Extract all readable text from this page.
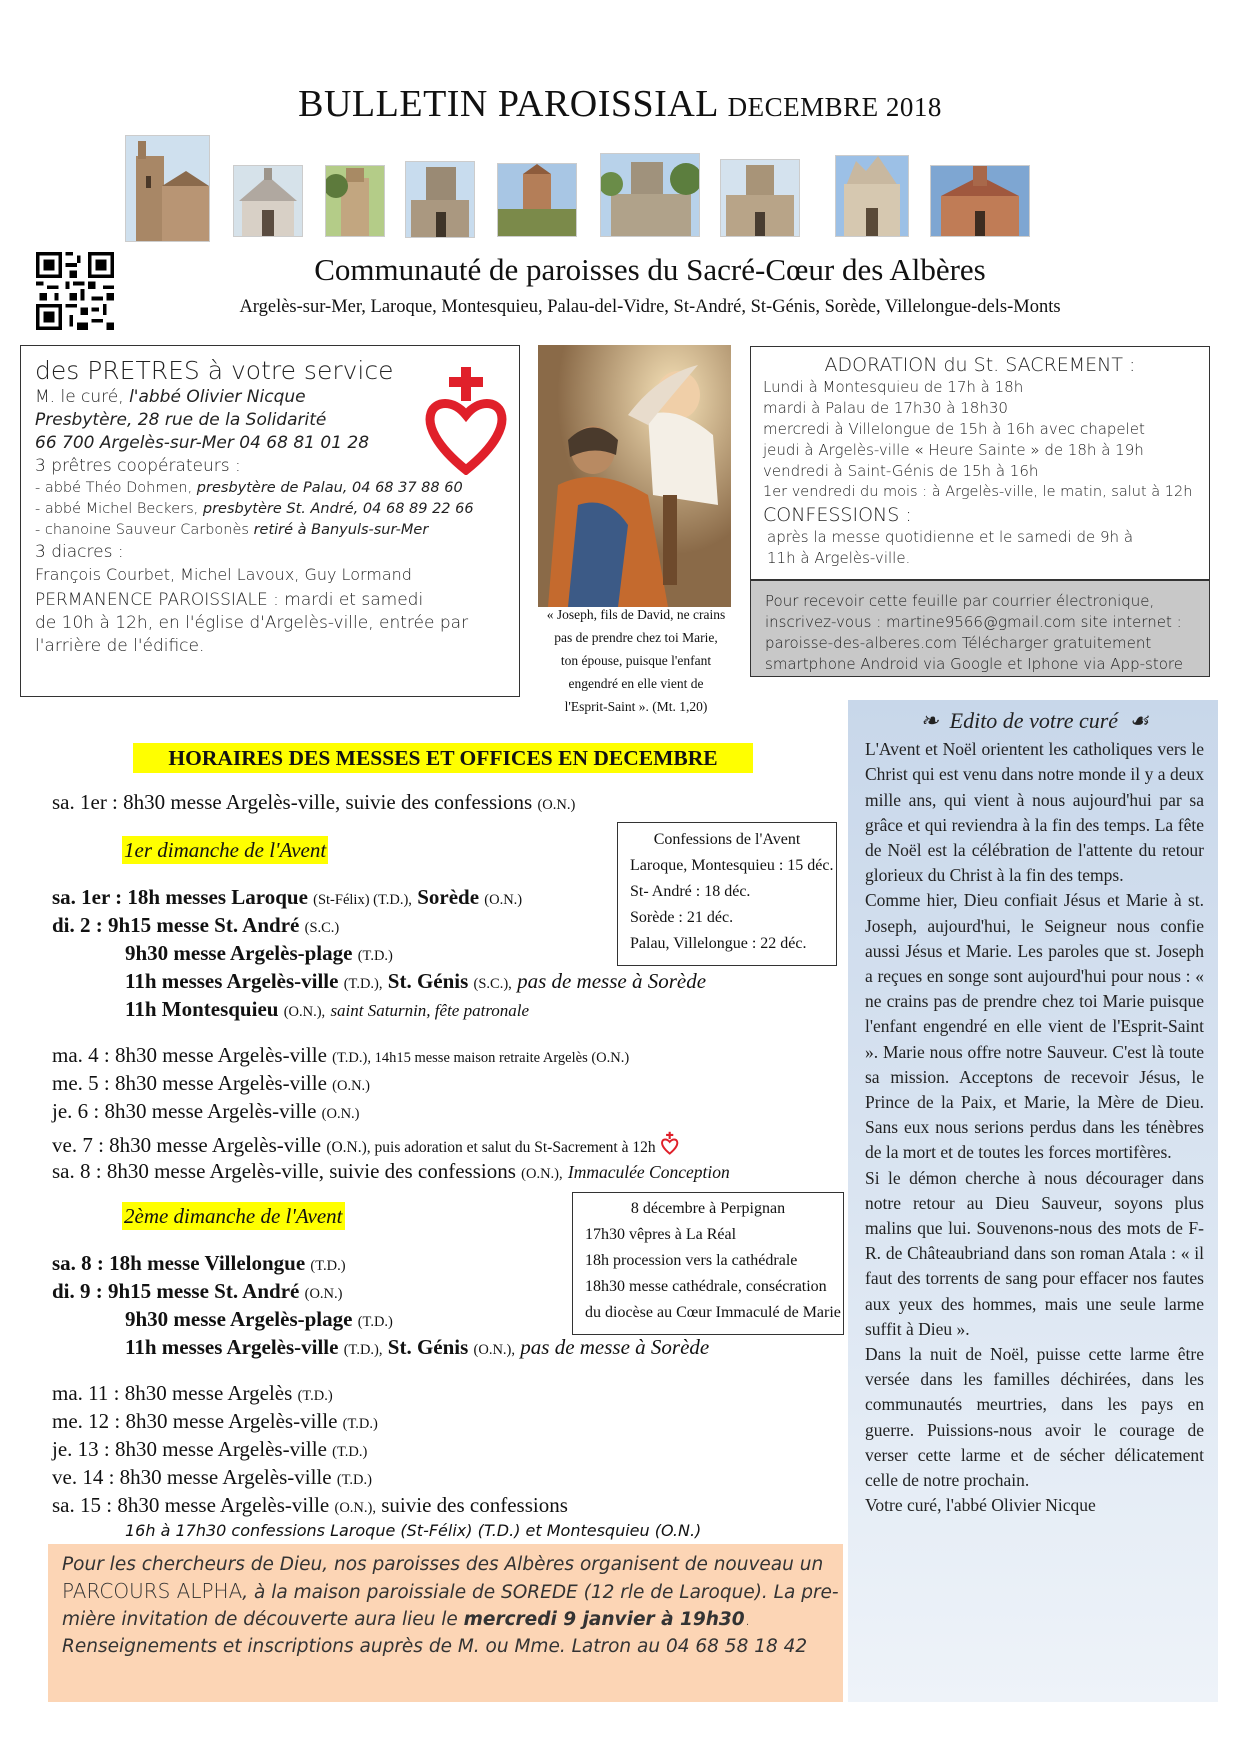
BULLETIN PAROISSIAL DECEMBRE 2018
Communauté de paroisses du Sacré-Cœur des Albères
Argelès-sur-Mer, Laroque, Montesquieu, Palau-del-Vidre, St-André, St-Génis, Sorède, Villelongue-dels-Monts
des PRETRES à votre service
M. le curé, l'abbé Olivier Nicque
Presbytère, 28 rue de la Solidarité
66 700 Argelès-sur-Mer 04 68 81 01 28
3 prêtres coopérateurs :
- abbé Théo Dohmen, presbytère de Palau, 04 68 37 88 60
- abbé Michel Beckers, presbytère St. André, 04 68 89 22 66
- chanoine Sauveur Carbonès retiré à Banyuls-sur-Mer
3 diacres :
François Courbet, Michel Lavoux, Guy Lormand
PERMANENCE PAROISSIALE : mardi et samedi
de 10h à 12h, en l'église d'Argelès-ville, entrée par
l'arrière de l'édifice.
« Joseph, fils de David, ne crains
pas de prendre chez toi Marie,
ton épouse, puisque l'enfant
engendré en elle vient de
l'Esprit-Saint ». (Mt. 1,20)
ADORATION du St. SACREMENT :
Lundi à Montesquieu de 17h à 18h
mardi à Palau de 17h30 à 18h30
mercredi à Villelongue de 15h à 16h avec chapelet
jeudi à Argelès-ville « Heure Sainte » de 18h à 19h
vendredi à Saint-Génis de 15h à 16h
1er vendredi du mois : à Argelès-ville, le matin, salut à 12h
CONFESSIONS :
après la messe quotidienne et le samedi de 9h à
11h à Argelès-ville.
Pour recevoir cette feuille par courrier électronique,
inscrivez-vous : martine9566@gmail.com site internet :
paroisse-des-alberes.com Télécharger gratuitement
smartphone Android via Google et Iphone via App-store
HORAIRES DES MESSES ET OFFICES EN DECEMBRE
sa. 1er : 8h30 messe Argelès-ville, suivie des confessions (O.N.)
1er dimanche de l'Avent
sa. 1er : 18h messes Laroque (St-Félix) (T.D.), Sorède (O.N.)
di. 2 : 9h15 messe St. André (S.C.)
9h30 messe Argelès-plage (T.D.)
11h messes Argelès-ville (T.D.), St. Génis (S.C.), pas de messe à Sorède
11h Montesquieu (O.N.), saint Saturnin, fête patronale
ma. 4 : 8h30 messe Argelès-ville (T.D.), 14h15 messe maison retraite Argelès (O.N.)
me. 5 : 8h30 messe Argelès-ville (O.N.)
je. 6 : 8h30 messe Argelès-ville (O.N.)
ve. 7 : 8h30 messe Argelès-ville (O.N.), puis adoration et salut du St-Sacrement à 12h
sa. 8 : 8h30 messe Argelès-ville, suivie des confessions (O.N.), Immaculée Conception
2ème dimanche de l'Avent
sa. 8 : 18h messe Villelongue (T.D.)
di. 9 : 9h15 messe St. André (O.N.)
9h30 messe Argelès-plage (T.D.)
11h messes Argelès-ville (T.D.), St. Génis (O.N.), pas de messe à Sorède
ma. 11 : 8h30 messe Argelès (T.D.)
me. 12 : 8h30 messe Argelès-ville (T.D.)
je. 13 : 8h30 messe Argelès-ville (T.D.)
ve. 14 : 8h30 messe Argelès-ville (T.D.)
sa. 15 : 8h30 messe Argelès-ville (O.N.), suivie des confessions
16h à 17h30 confessions Laroque (St-Félix) (T.D.) et Montesquieu (O.N.)
Confessions de l'Avent
Laroque, Montesquieu : 15 déc.
St- André : 18 déc.
Sorède : 21 déc.
Palau, Villelongue : 22 déc.
8 décembre à Perpignan
17h30 vêpres à La Réal
18h procession vers la cathédrale
18h30 messe cathédrale, consécration
du diocèse au Cœur Immaculé de Marie
Pour les chercheurs de Dieu, nos paroisses des Albères organisent de nouveau un
PARCOURS ALPHA, à la maison paroissiale de SOREDE (12 rle de Laroque). La pre-
mière invitation de découverte aura lieu le mercredi 9 janvier à 19h30.
Renseignements et inscriptions auprès de M. ou Mme. Latron au 04 68 58 18 42
❧ Edito de votre curé ☙

L'Avent et Noël orientent les catholiques vers le Christ qui est venu dans notre monde il y a deux mille ans, qui vient à nous aujourd'hui par sa grâce et qui reviendra à la fin des temps. La fête de Noël est la célébration de l'attente du retour glorieux du Christ à la fin des temps.

Comme hier, Dieu confiait Jésus et Marie à st. Joseph, aujourd'hui, le Seigneur nous confie aussi Jésus et Marie. Les paroles que st. Joseph a reçues en songe sont aujourd'hui pour nous : « ne crains pas de prendre chez toi Marie puisque l'enfant engendré en elle vient de l'Esprit-Saint ». Marie nous offre notre Sauveur. C'est là toute sa mission. Acceptons de recevoir Jésus, le Prince de la Paix, et Marie, la Mère de Dieu. Sans eux nous serions perdus dans les ténèbres de la mort et de toutes les forces mortifères.

Si le démon cherche à nous décourager dans notre retour au Dieu Sauveur, soyons plus malins que lui. Souvenons-nous des mots de F-R. de Châteaubriand dans son roman Atala : « il faut des torrents de sang pour effacer nos fautes aux yeux des hommes, mais une seule larme suffit à Dieu ».

Dans la nuit de Noël, puisse cette larme être versée dans les familles déchirées, dans les communautés meurtries, dans les pays en guerre. Puissions-nous avoir le courage de verser cette larme et de sécher délicatement celle de notre prochain.

Votre curé, l'abbé Olivier Nicque
